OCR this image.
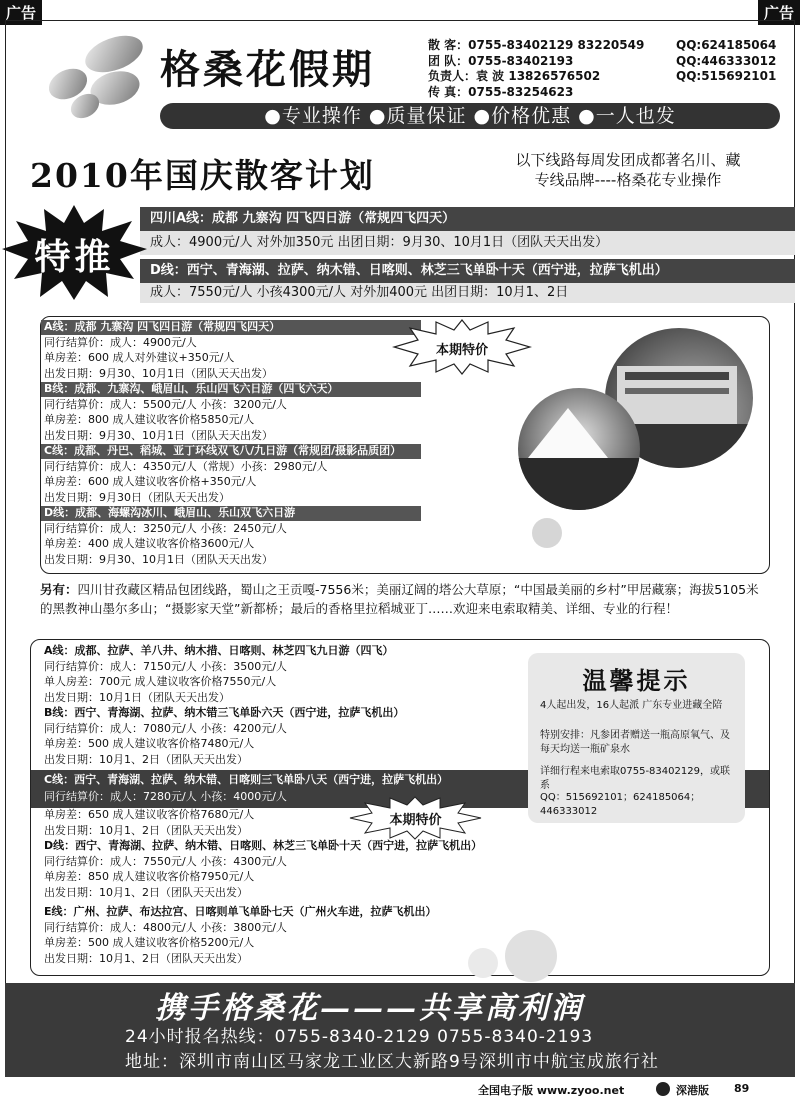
广告	广告
格桑花假期
散 客：0755-83402129 83220549
团 队：0755-83402193
负责人：袁 波 13826576502
传 真：0755-83254623
QQ:624185064
QQ:446333012
QQ:515692101
●专业操作 ●质量保证 ●价格优惠 ●一人也发
2010年国庆散客计划	以下线路每周发团成都著名川、藏
专线品牌----格桑花专业操作
四川A线：成都 九寨沟 四飞四日游（常规四飞四天）
成人：4900元/人 对外加350元 出团日期：9月30、10月1日（团队天天出发）
D线：西宁、青海湖、拉萨、纳木错、日喀则、林芝三飞单卧十天（西宁进，拉萨飞机出）
成人：7550元/人 小孩4300元/人 对外加400元 出团日期：10月1、2日
特推
A线：成都 九寨沟 四飞四日游（常规四飞四天）
同行结算价：成人：4900元/人
单房差：600 成人对外建议+350元/人
出发日期：9月30、10月1日（团队天天出发）
B线：成都、九寨沟、峨眉山、乐山四飞六日游（四飞六天）
同行结算价：成人：5500元/人 小孩：3200元/人
单房差：800 成人建议收客价格5850元/人
出发日期：9月30、10月1日（团队天天出发）
C线：成都、丹巴、稻城、亚丁环线双飞八/九日游（常规团/摄影品质团）
同行结算价：成人：4350元/人（常规）小孩：2980元/人
单房差：600 成人建议收客价格+350元/人
出发日期：9月30日（团队天天出发）
D线：成都、海螺沟冰川、峨眉山、乐山双飞六日游
同行结算价：成人：3250元/人 小孩：2450元/人
单房差：400 成人建议收客价格3600元/人
出发日期：9月30、10月1日（团队天天出发）
本期特价
另有：四川甘孜藏区精品包团线路，蜀山之王贡嘎-7556米；美丽辽阔的塔公大草原；“中国最美丽的乡村”甲居藏寨；海拔5105米的黑教神山墨尔多山；“摄影家天堂”新都桥；最后的香格里拉稻城亚丁……欢迎来电索取精美、详细、专业的行程！
A线：成都、拉萨、羊八井、纳木措、日喀则、林芝四飞九日游（四飞）
同行结算价：成人：7150元/人 小孩：3500元/人
单人房差：700元 成人建议收客价格7550元/人
出发日期：10月1日（团队天天出发）
B线：西宁、青海湖、拉萨、纳木错三飞单卧六天（西宁进，拉萨飞机出）
同行结算价：成人：7080元/人 小孩：4200元/人
单房差：500 成人建议收客价格7480元/人
出发日期：10月1、2日（团队天天出发）
C线：西宁、青海湖、拉萨、纳木错、日喀则三飞单卧八天（西宁进，拉萨飞机出）
同行结算价：成人：7280元/人 小孩：4000元/人
单房差：650 成人建议收客价格7680元/人
出发日期：10月1、2日（团队天天出发）
D线：西宁、青海湖、拉萨、纳木错、日喀则、林芝三飞单卧十天（西宁进，拉萨飞机出）
同行结算价：成人：7550元/人 小孩：4300元/人
单房差：850 成人建议收客价格7950元/人
出发日期：10月1、2日（团队天天出发）
E线：广州、拉萨、布达拉宫、日喀则单飞单卧七天（广州火车进，拉萨飞机出）
同行结算价：成人：4800元/人 小孩：3800元/人
单房差：500 成人建议收客价格5200元/人
出发日期：10月1、2日（团队天天出发）
本期特价
温馨提示
4人起出发，16人起派 广东专业进藏全陪
特别安排：凡参团者赠送一瓶高原氧气、及每天均送一瓶矿泉水
详细行程来电索取0755-83402129，或联系
QQ：515692101；624185064；446333012
携手格桑花———共享高利润
24小时报名热线：0755-8340-2129 0755-8340-2193
地址：深圳市南山区马家龙工业区大新路9号深圳市中航宝成旅行社
全国电子版 www.zyoo.net	深港版 89
